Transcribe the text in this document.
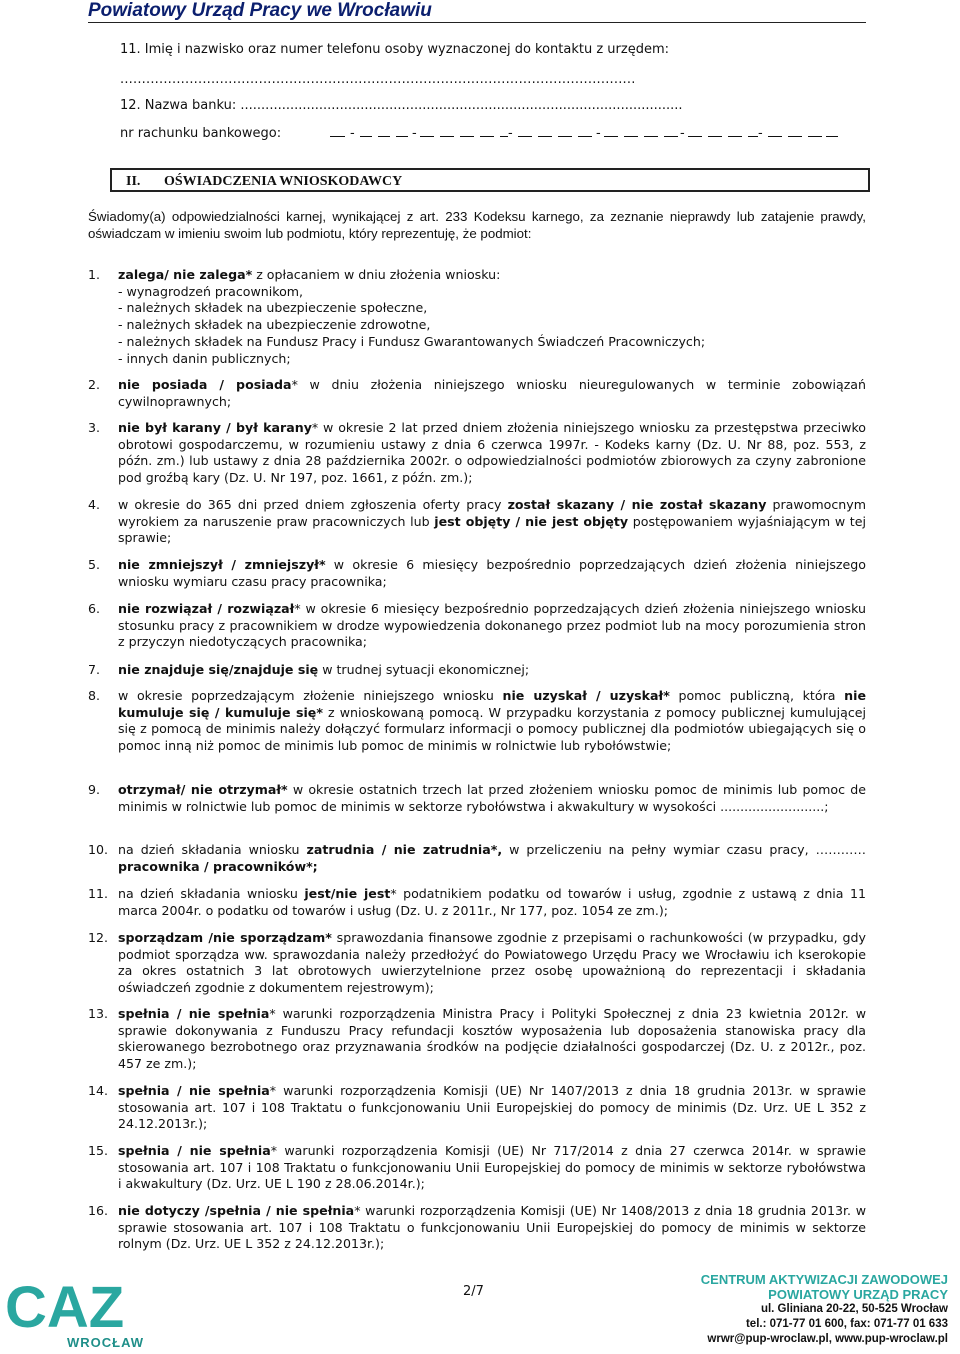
Powiatowy Urząd Pracy we Wrocławiu
11. Imię i nazwisko oraz numer telefonu osoby wyznaczonej do kontaktu z urzędem:
.......................................................................................................................
12. Nazwa banku: ...........................................................................................................
nr rachunku bankowego:	-	-	-	-	-	-
II. OŚWIADCZENIA WNIOSKODAWCY
Świadomy(a) odpowiedzialności karnej, wynikającej z art. 233 Kodeksu karnego, za zeznanie nieprawdy lub zatajenie prawdy, oświadczam w imieniu swoim lub podmiotu, który reprezentuję, że podmiot:
1.	zalega/ nie zalega* z opłacaniem w dniu złożenia wniosku:
- wynagrodzeń pracownikom,
- należnych składek na ubezpieczenie społeczne,
- należnych składek na ubezpieczenie zdrowotne,
- należnych składek na Fundusz Pracy i Fundusz Gwarantowanych Świadczeń Pracowniczych;
- innych danin publicznych;
2.	nie posiada / posiada* w dniu złożenia niniejszego wniosku nieuregulowanych w terminie zobowiązań cywilnoprawnych;
3.	nie był karany / był karany* w okresie 2 lat przed dniem złożenia niniejszego wniosku za przestępstwa przeciwko obrotowi gospodarczemu, w rozumieniu ustawy z dnia 6 czerwca 1997r. - Kodeks karny (Dz. U. Nr 88, poz. 553, z późn. zm.) lub ustawy z dnia 28 października 2002r. o odpowiedzialności podmiotów zbiorowych za czyny zabronione pod groźbą kary (Dz. U. Nr 197, poz. 1661, z późn. zm.);
4.	w okresie do 365 dni przed dniem zgłoszenia oferty pracy został skazany / nie został skazany prawomocnym wyrokiem za naruszenie praw pracowniczych lub jest objęty / nie jest objęty postępowaniem wyjaśniającym w tej sprawie;
5.	nie zmniejszył / zmniejszył* w okresie 6 miesięcy bezpośrednio poprzedzających dzień złożenia niniejszego wniosku wymiaru czasu pracy pracownika;
6.	nie rozwiązał / rozwiązał* w okresie 6 miesięcy bezpośrednio poprzedzających dzień złożenia niniejszego wniosku stosunku pracy z pracownikiem w drodze wypowiedzenia dokonanego przez podmiot lub na mocy porozumienia stron z przyczyn niedotyczących pracownika;
7.	nie znajduje się/znajduje się w trudnej sytuacji ekonomicznej;
8.	w okresie poprzedzającym złożenie niniejszego wniosku nie uzyskał / uzyskał* pomoc publiczną, która nie kumuluje się / kumuluje się* z wnioskowaną pomocą. W przypadku korzystania z pomocy publicznej kumulującej się z pomocą de minimis należy dołączyć formularz informacji o pomocy publicznej dla podmiotów ubiegających się o pomoc inną niż pomoc de minimis lub pomoc de minimis w rolnictwie lub rybołówstwie;
9.	otrzymał/ nie otrzymał* w okresie ostatnich trzech lat przed złożeniem wniosku pomoc de minimis lub pomoc de minimis w rolnictwie lub pomoc de minimis w sektorze rybołówstwa i akwakultury w wysokości ..........................;
10. na dzień składania wniosku zatrudnia / nie zatrudnia*, w przeliczeniu na pełny wymiar czasu pracy, ………… pracownika / pracowników*;
11. na dzień składania wniosku jest/nie jest* podatnikiem podatku od towarów i usług, zgodnie z ustawą z dnia 11 marca 2004r. o podatku od towarów i usług (Dz. U. z 2011r., Nr 177, poz. 1054 ze zm.);
12. sporządzam /nie sporządzam* sprawozdania finansowe zgodnie z przepisami o rachunkowości (w przypadku, gdy podmiot sporządza ww. sprawozdania należy przedłożyć do Powiatowego Urzędu Pracy we Wrocławiu ich kserokopie za okres ostatnich 3 lat obrotowych uwierzytelnione przez osobę upoważnioną do reprezentacji i składania oświadczeń zgodnie z dokumentem rejestrowym);
13. spełnia / nie spełnia* warunki rozporządzenia Ministra Pracy i Polityki Społecznej z dnia 23 kwietnia 2012r. w sprawie dokonywania z Funduszu Pracy refundacji kosztów wyposażenia lub doposażenia stanowiska pracy dla skierowanego bezrobotnego oraz przyznawania środków na podjęcie działalności gospodarczej (Dz. U. z 2012r., poz. 457 ze zm.);
14. spełnia / nie spełnia* warunki rozporządzenia Komisji (UE) Nr 1407/2013 z dnia 18 grudnia 2013r. w sprawie stosowania art. 107 i 108 Traktatu o funkcjonowaniu Unii Europejskiej do pomocy de minimis (Dz. Urz. UE L 352 z 24.12.2013r.);
15. spełnia / nie spełnia* warunki rozporządzenia Komisji (UE) Nr 717/2014 z dnia 27 czerwca 2014r. w sprawie stosowania art. 107 i 108 Traktatu o funkcjonowaniu Unii Europejskiej do pomocy de minimis w sektorze rybołówstwa i akwakultury (Dz. Urz. UE L 190 z 28.06.2014r.);
16. nie dotyczy /spełnia / nie spełnia* warunki rozporządzenia Komisji (UE) Nr 1408/2013 z dnia 18 grudnia 2013r. w sprawie stosowania art. 107 i 108 Traktatu o funkcjonowaniu Unii Europejskiej do pomocy de minimis w sektorze rolnym (Dz. Urz. UE L 352 z 24.12.2013r.);
CAZ
WROCŁAW
2/7
CENTRUM AKTYWIZACJI ZAWODOWEJ
POWIATOWY URZĄD PRACY
ul. Gliniana 20-22, 50-525 Wrocław
tel.: 071-77 01 600, fax: 071-77 01 633
wrwr@pup-wroclaw.pl, www.pup-wroclaw.pl
